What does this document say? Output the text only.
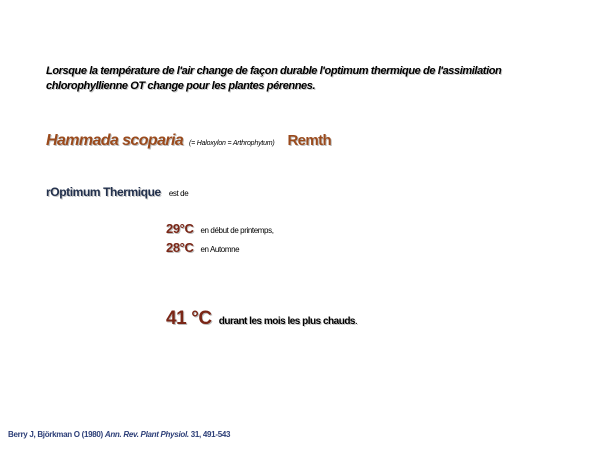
Lorsque la température de l'air change de façon durable l'optimum thermique de l'assimilation
chlorophyllienne OT change pour les plantes pérennes.
Hammada scoparia (= Haloxylon = Arthrophytum) Remth
rOptimum Thermique est de
29°C en début de printemps,
28°C en Automne
41 °C durant les mois les plus chauds.
Berry J, Björkman O (1980) Ann. Rev. Plant Physiol. 31, 491-543
